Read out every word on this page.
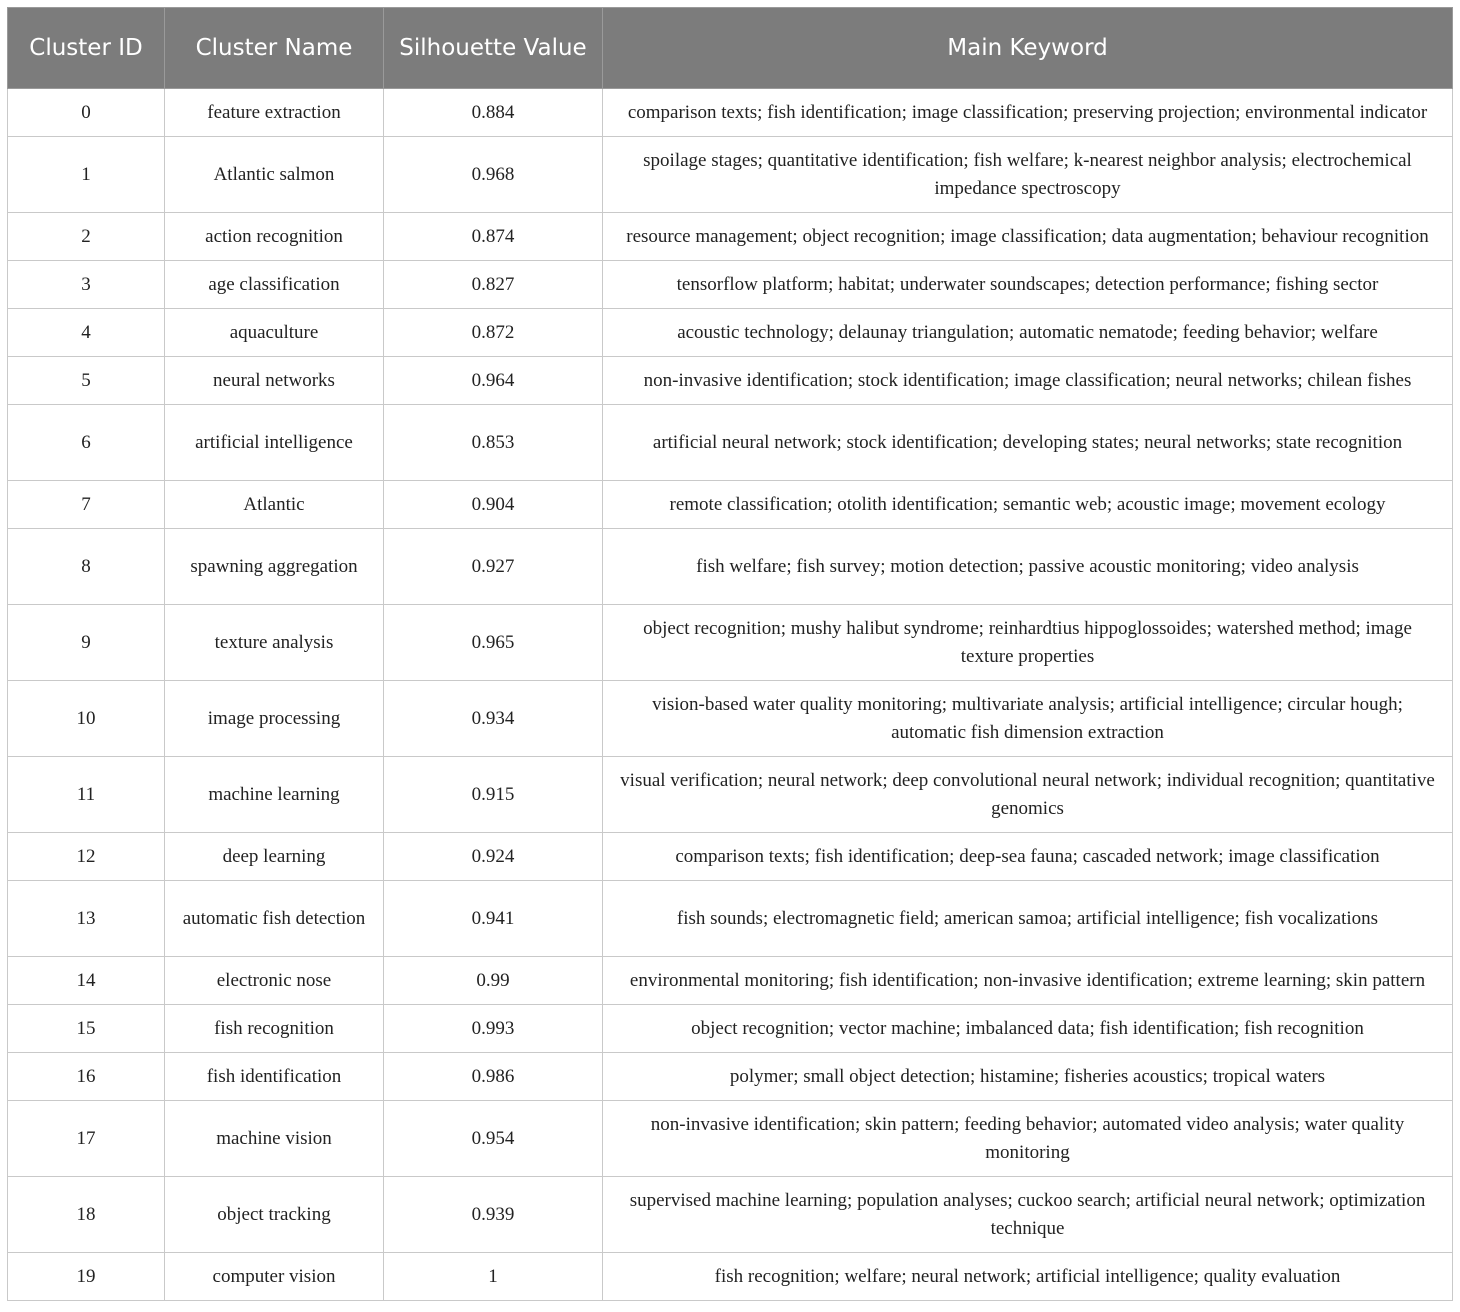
Cluster ID	Cluster Name	Silhouette Value	Main Keyword
0	feature extraction	0.884	comparison texts; fish identification; image classification; preserving projection; environmental indicator
1	Atlantic salmon	0.968	spoilage stages; quantitative identification; fish welfare; k-nearest neighbor analysis; electrochemical impedance spectroscopy
2	action recognition	0.874	resource management; object recognition; image classification; data augmentation; behaviour recognition
3	age classification	0.827	tensorflow platform; habitat; underwater soundscapes; detection performance; fishing sector
4	aquaculture	0.872	acoustic technology; delaunay triangulation; automatic nematode; feeding behavior; welfare
5	neural networks	0.964	non-invasive identification; stock identification; image classification; neural networks; chilean fishes
6	artificial intelligence	0.853	artificial neural network; stock identification; developing states; neural networks; state recognition
7	Atlantic	0.904	remote classification; otolith identification; semantic web; acoustic image; movement ecology
8	spawning aggregation	0.927	fish welfare; fish survey; motion detection; passive acoustic monitoring; video analysis
9	texture analysis	0.965	object recognition; mushy halibut syndrome; reinhardtius hippoglossoides; watershed method; image texture properties
10	image processing	0.934	vision-based water quality monitoring; multivariate analysis; artificial intelligence; circular hough; automatic fish dimension extraction
11	machine learning	0.915	visual verification; neural network; deep convolutional neural network; individual recognition; quantitative genomics
12	deep learning	0.924	comparison texts; fish identification; deep-sea fauna; cascaded network; image classification
13	automatic fish detection	0.941	fish sounds; electromagnetic field; american samoa; artificial intelligence; fish vocalizations
14	electronic nose	0.99	environmental monitoring; fish identification; non-invasive identification; extreme learning; skin pattern
15	fish recognition	0.993	object recognition; vector machine; imbalanced data; fish identification; fish recognition
16	fish identification	0.986	polymer; small object detection; histamine; fisheries acoustics; tropical waters
17	machine vision	0.954	non-invasive identification; skin pattern; feeding behavior; automated video analysis; water quality monitoring
18	object tracking	0.939	supervised machine learning; population analyses; cuckoo search; artificial neural network; optimization technique
19	computer vision	1	fish recognition; welfare; neural network; artificial intelligence; quality evaluation
